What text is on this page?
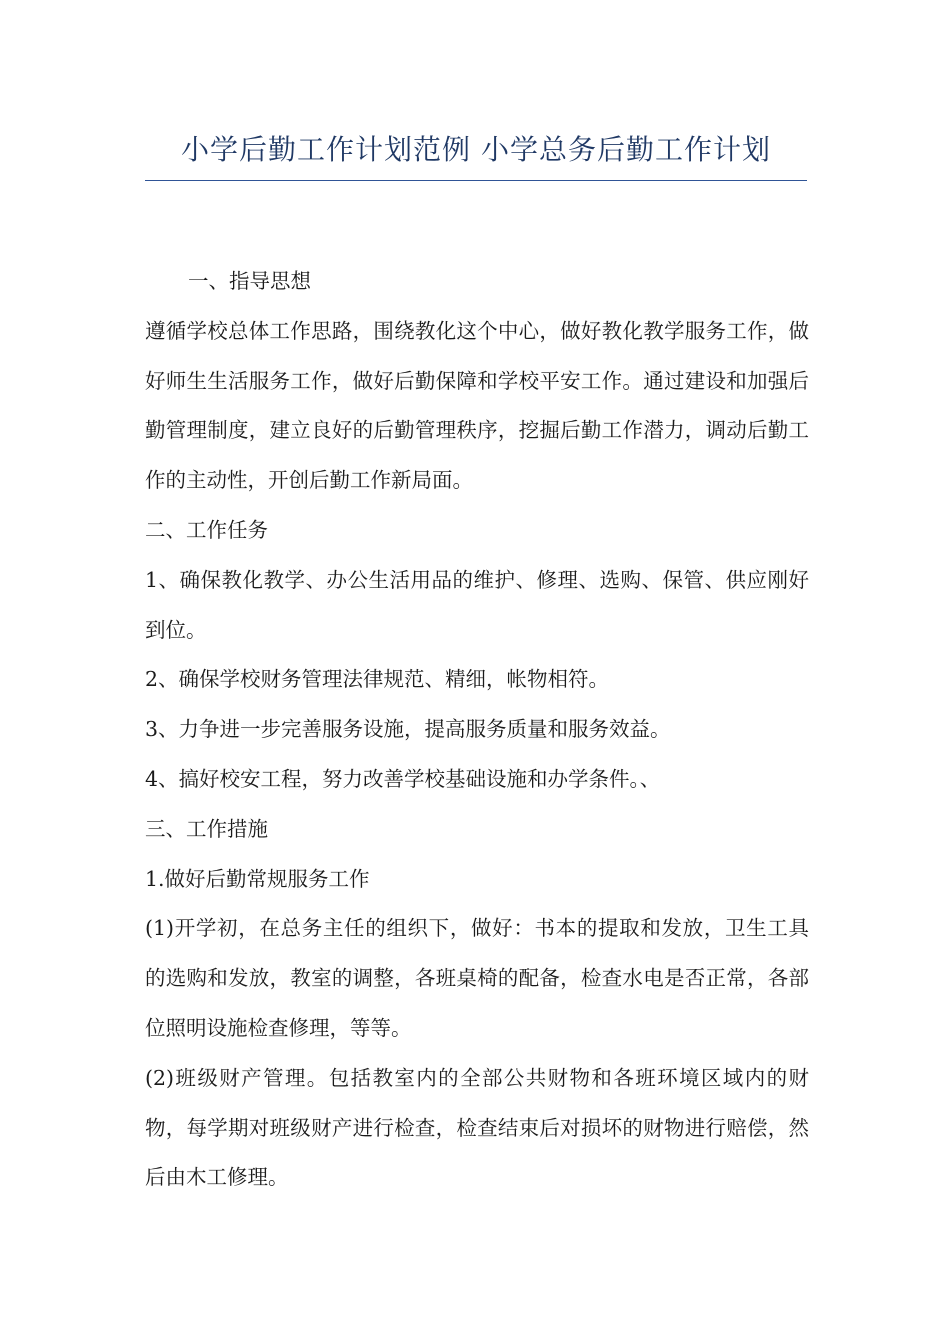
小学后勤工作计划范例 小学总务后勤工作计划

一、指导思想

遵循学校总体工作思路，围绕教化这个中心，做好教化教学服务工作，做好师生生活服务工作，做好后勤保障和学校平安工作。通过建设和加强后勤管理制度，建立良好的后勤管理秩序，挖掘后勤工作潜力，调动后勤工作的主动性，开创后勤工作新局面。

二、工作任务

1、确保教化教学、办公生活用品的维护、修理、选购、保管、供应刚好到位。

2、确保学校财务管理法律规范、精细，帐物相符。

3、力争进一步完善服务设施，提高服务质量和服务效益。

4、搞好校安工程，努力改善学校基础设施和办学条件。、

三、工作措施

1.做好后勤常规服务工作

(1)开学初，在总务主任的组织下，做好：书本的提取和发放，卫生工具的选购和发放，教室的调整，各班桌椅的配备，检查水电是否正常，各部位照明设施检查修理，等等。

(2)班级财产管理。包括教室内的全部公共财物和各班环境区域内的财物，每学期对班级财产进行检查，检查结束后对损坏的财物进行赔偿，然后由木工修理。
